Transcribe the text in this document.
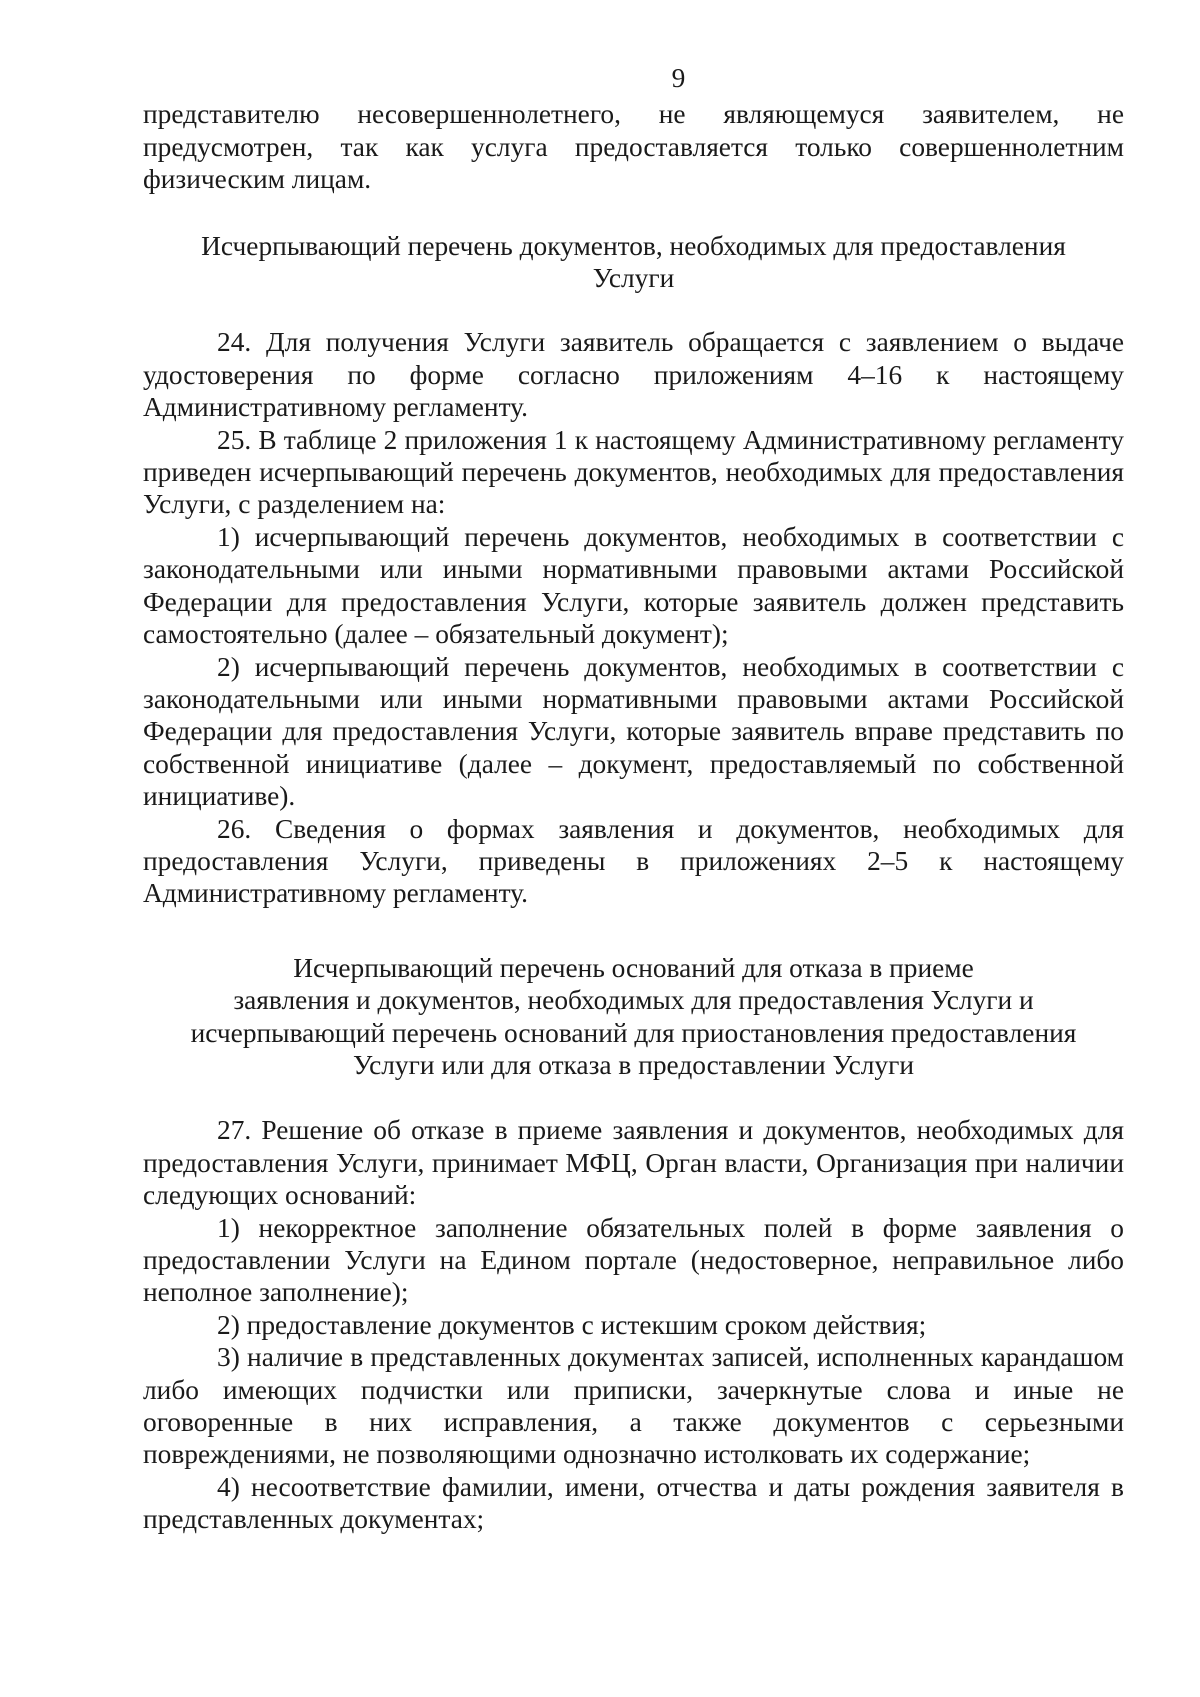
9

представителю несовершеннолетнего, не являющемуся заявителем, не предусмотрен, так как услуга предоставляется только совершеннолетним физическим лицам.

Исчерпывающий перечень документов, необходимых для предоставления
Услуги

24. Для получения Услуги заявитель обращается с заявлением о выдаче удостоверения по форме согласно приложениям 4–16 к настоящему Административному регламенту.

25. В таблице 2 приложения 1 к настоящему Административному регламенту приведен исчерпывающий перечень документов, необходимых для предоставления Услуги, с разделением на:

1) исчерпывающий перечень документов, необходимых в соответствии с законодательными или иными нормативными правовыми актами Российской Федерации для предоставления Услуги, которые заявитель должен представить самостоятельно (далее – обязательный документ);

2) исчерпывающий перечень документов, необходимых в соответствии с законодательными или иными нормативными правовыми актами Российской Федерации для предоставления Услуги, которые заявитель вправе представить по собственной инициативе (далее – документ, предоставляемый по собственной инициативе).

26. Сведения о формах заявления и документов, необходимых для предоставления Услуги, приведены в приложениях 2–5 к настоящему Административному регламенту.

Исчерпывающий перечень оснований для отказа в приеме
заявления и документов, необходимых для предоставления Услуги и
исчерпывающий перечень оснований для приостановления предоставления
Услуги или для отказа в предоставлении Услуги

27. Решение об отказе в приеме заявления и документов, необходимых для предоставления Услуги, принимает МФЦ, Орган власти, Организация при наличии следующих оснований:

1) некорректное заполнение обязательных полей в форме заявления о предоставлении Услуги на Едином портале (недостоверное, неправильное либо неполное заполнение);

2) предоставление документов с истекшим сроком действия;

3) наличие в представленных документах записей, исполненных карандашом либо имеющих подчистки или приписки, зачеркнутые слова и иные не оговоренные в них исправления, а также документов с серьезными повреждениями, не позволяющими однозначно истолковать их содержание;

4) несоответствие фамилии, имени, отчества и даты рождения заявителя в представленных документах;
